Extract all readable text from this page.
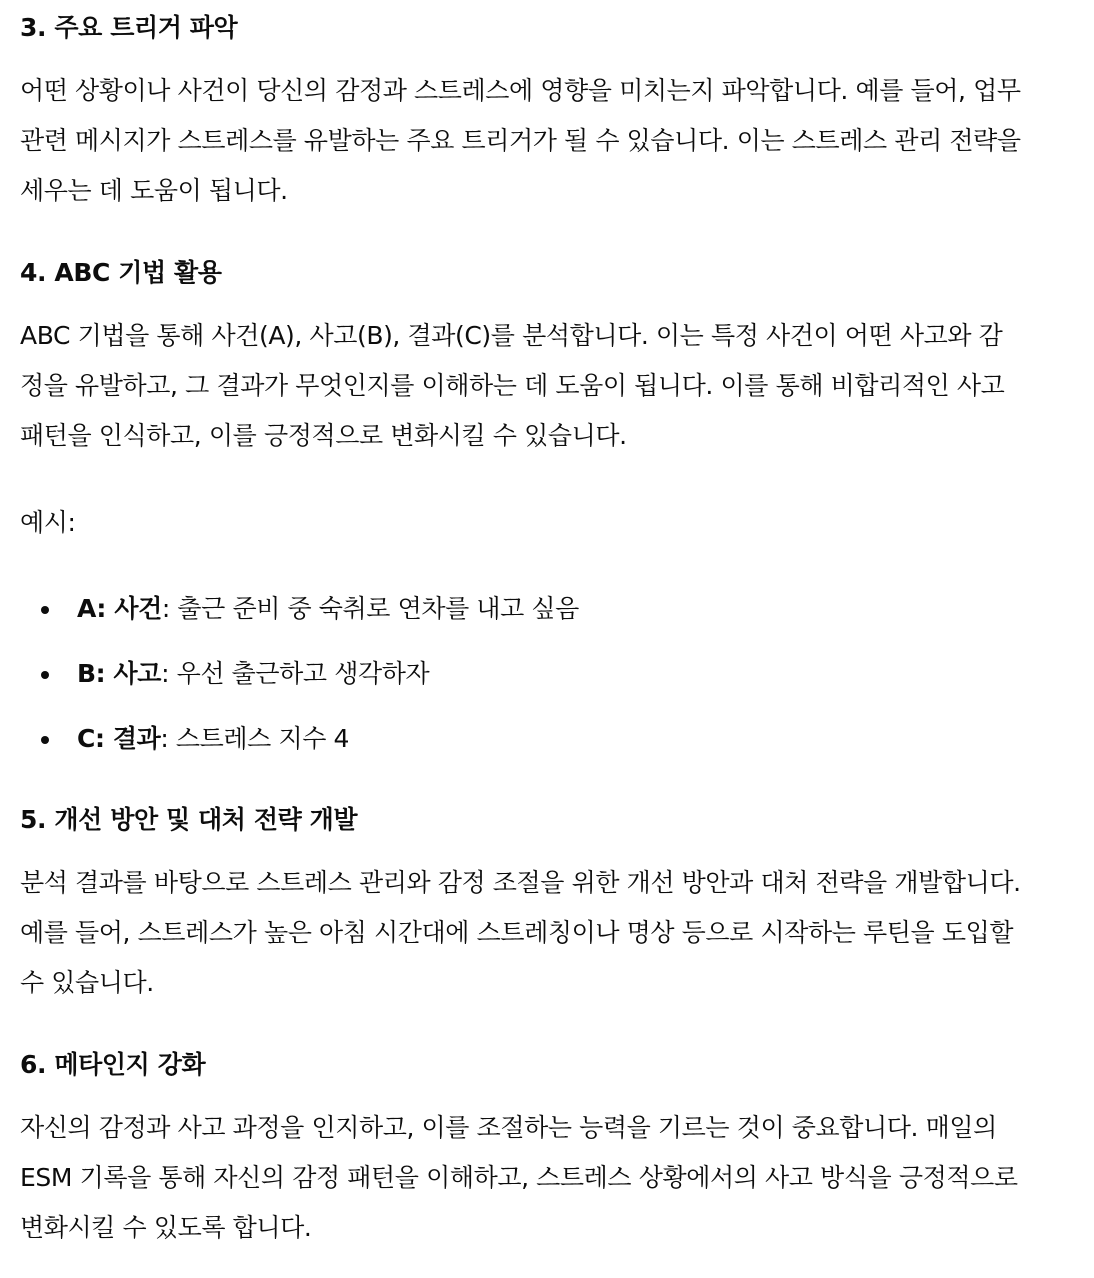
3. 주요 트리거 파악

어떤 상황이나 사건이 당신의 감정과 스트레스에 영향을 미치는지 파악합니다. 예를 들어, 업무
관련 메시지가 스트레스를 유발하는 주요 트리거가 될 수 있습니다. 이는 스트레스 관리 전략을
세우는 데 도움이 됩니다.

4. ABC 기법 활용

ABC 기법을 통해 사건(A), 사고(B), 결과(C)를 분석합니다. 이는 특정 사건이 어떤 사고와 감
정을 유발하고, 그 결과가 무엇인지를 이해하는 데 도움이 됩니다. 이를 통해 비합리적인 사고
패턴을 인식하고, 이를 긍정적으로 변화시킬 수 있습니다.

예시:

A: 사건: 출근 준비 중 숙취로 연차를 내고 싶음
B: 사고: 우선 출근하고 생각하자
C: 결과: 스트레스 지수 4
5. 개선 방안 및 대처 전략 개발

분석 결과를 바탕으로 스트레스 관리와 감정 조절을 위한 개선 방안과 대처 전략을 개발합니다.
예를 들어, 스트레스가 높은 아침 시간대에 스트레칭이나 명상 등으로 시작하는 루틴을 도입할
수 있습니다.

6. 메타인지 강화

자신의 감정과 사고 과정을 인지하고, 이를 조절하는 능력을 기르는 것이 중요합니다. 매일의
ESM 기록을 통해 자신의 감정 패턴을 이해하고, 스트레스 상황에서의 사고 방식을 긍정적으로
변화시킬 수 있도록 합니다.
